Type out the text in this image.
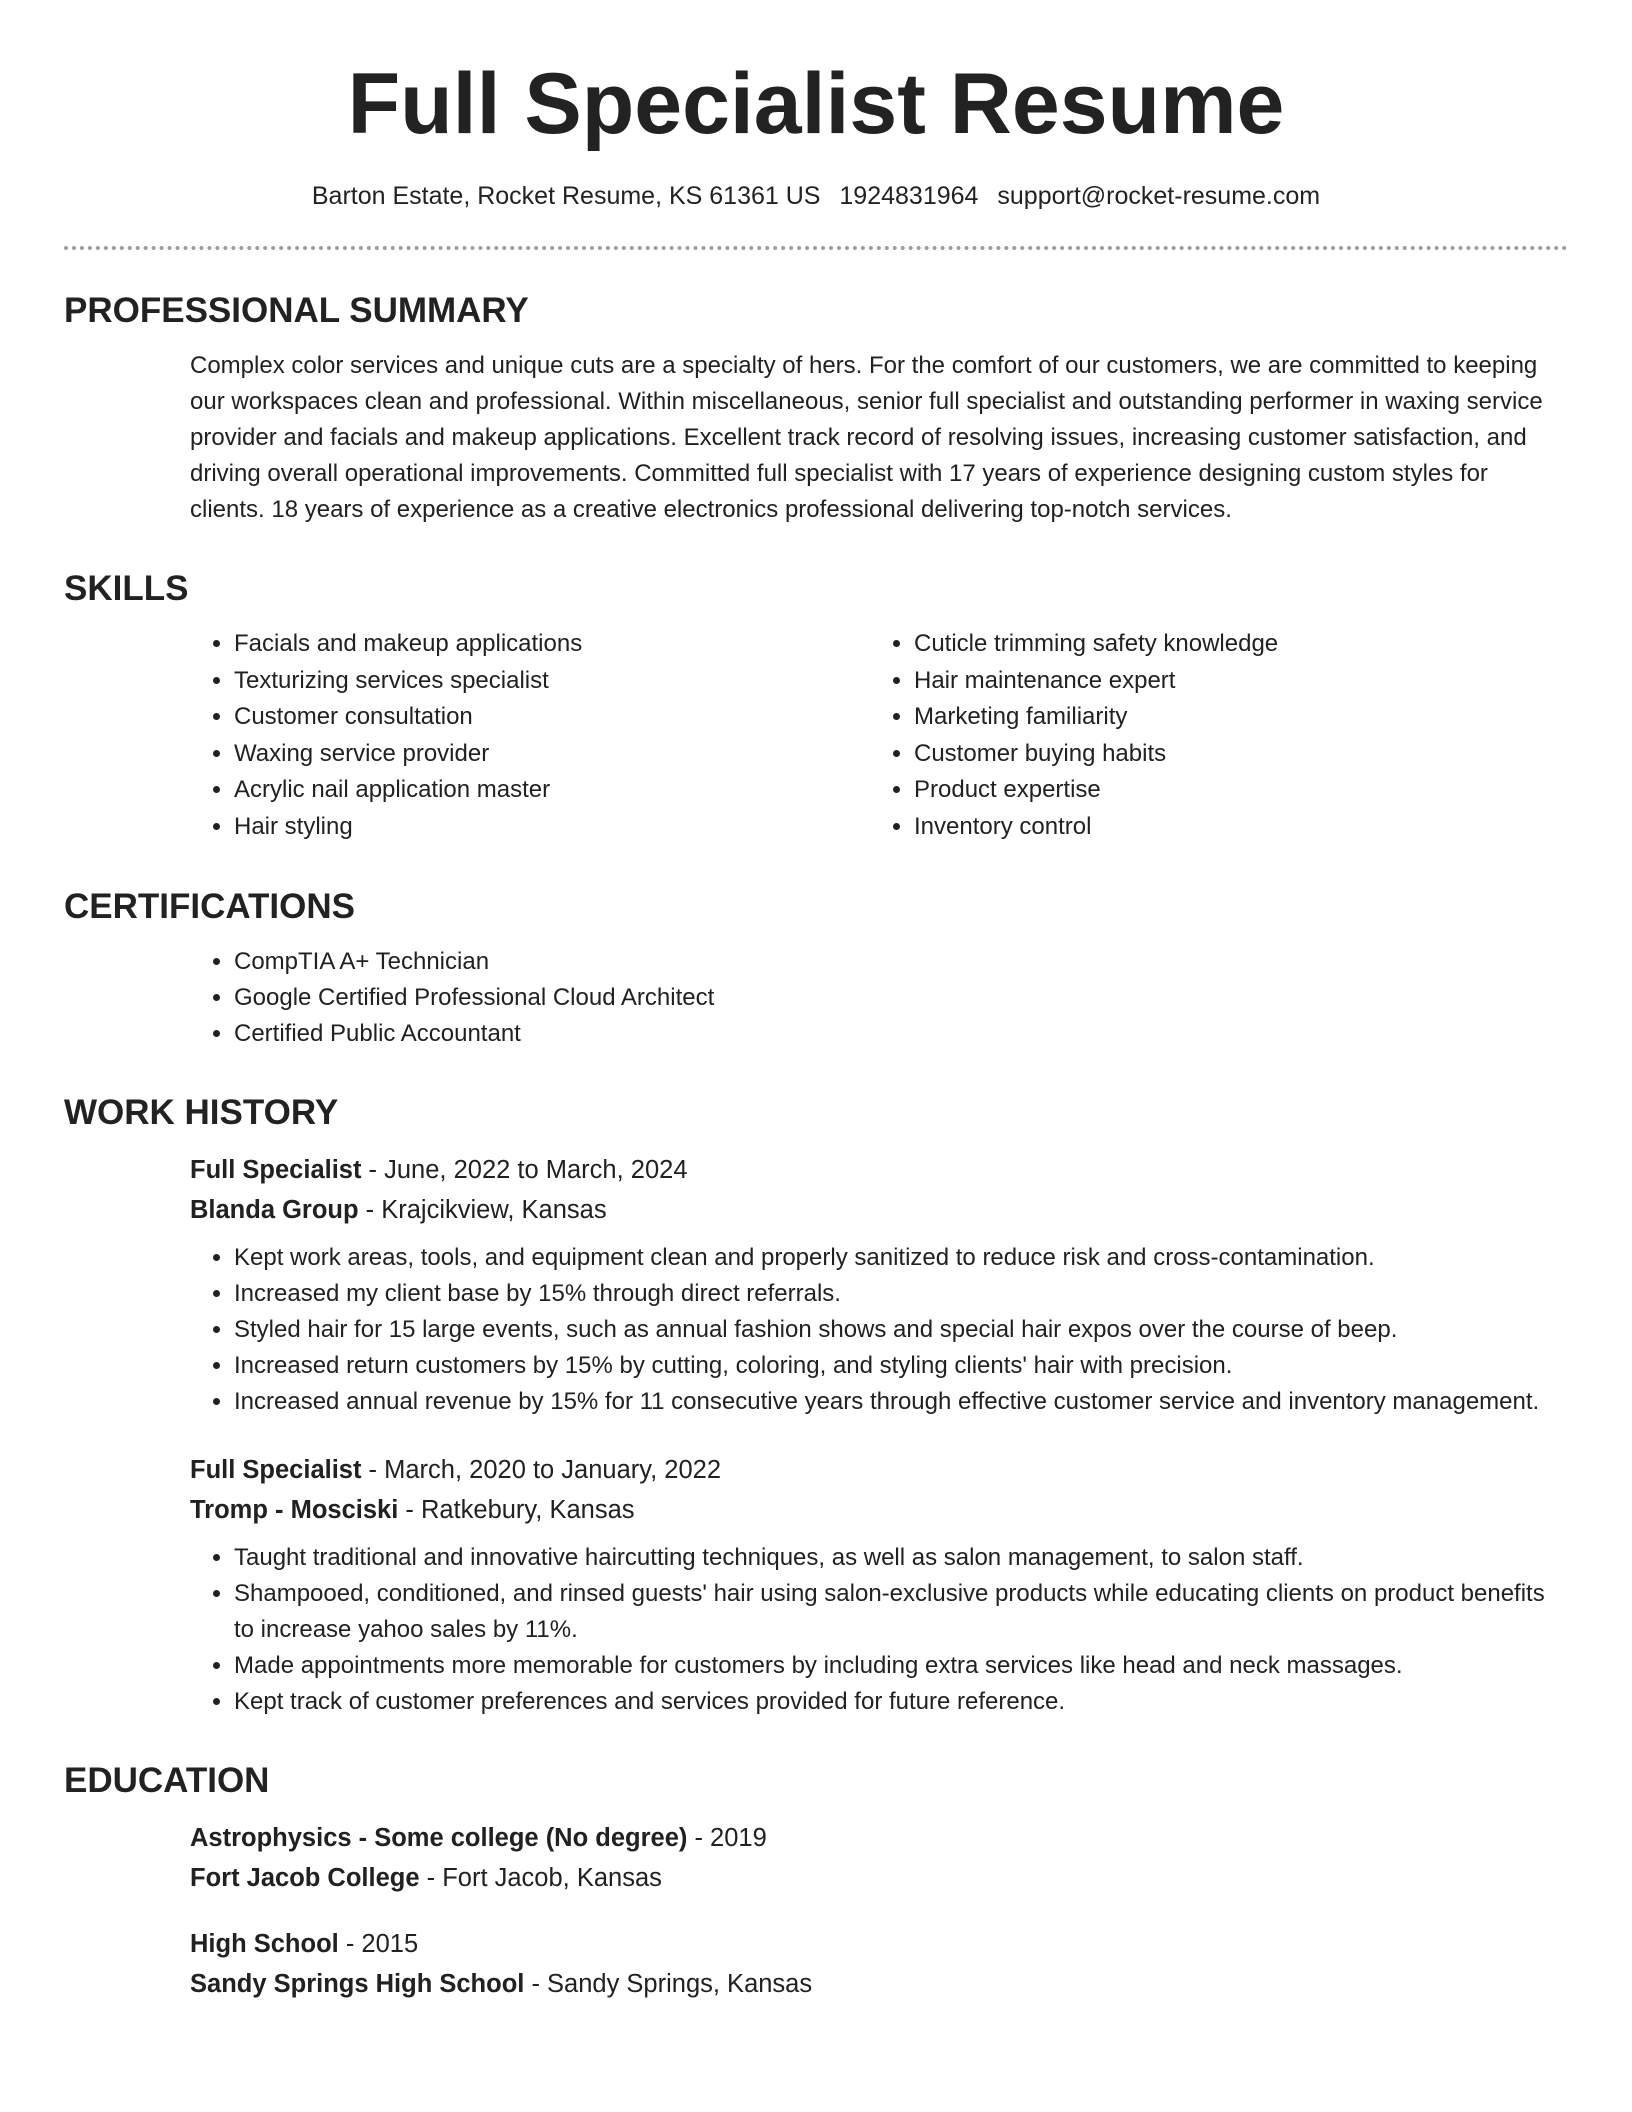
Full Specialist Resume
Barton Estate, Rocket Resume, KS 61361 US 1924831964 support@rocket-resume.com
PROFESSIONAL SUMMARY

Complex color services and unique cuts are a specialty of hers. For the comfort of our customers, we are committed to keeping our workspaces clean and professional. Within miscellaneous, senior full specialist and outstanding performer in waxing service provider and facials and makeup applications. Excellent track record of resolving issues, increasing customer satisfaction, and driving overall operational improvements. Committed full specialist with 17 years of experience designing custom styles for clients. 18 years of experience as a creative electronics professional delivering top-notch services.

SKILLS
• Facials and makeup applications
• Texturizing services specialist
• Customer consultation
• Waxing service provider
• Acrylic nail application master
• Hair styling
• Cuticle trimming safety knowledge
• Hair maintenance expert
• Marketing familiarity
• Customer buying habits
• Product expertise
• Inventory control
CERTIFICATIONS
• CompTIA A+ Technician
• Google Certified Professional Cloud Architect
• Certified Public Accountant
WORK HISTORY
Full Specialist - June, 2022 to March, 2024
Blanda Group - Krajcikview, Kansas
• Kept work areas, tools, and equipment clean and properly sanitized to reduce risk and cross-contamination.
• Increased my client base by 15% through direct referrals.
• Styled hair for 15 large events, such as annual fashion shows and special hair expos over the course of beep.
• Increased return customers by 15% by cutting, coloring, and styling clients' hair with precision.
• Increased annual revenue by 15% for 11 consecutive years through effective customer service and inventory management.
Full Specialist - March, 2020 to January, 2022
Tromp - Mosciski - Ratkebury, Kansas
• Taught traditional and innovative haircutting techniques, as well as salon management, to salon staff.
• Shampooed, conditioned, and rinsed guests' hair using salon-exclusive products while educating clients on product benefits to increase yahoo sales by 11%.
• Made appointments more memorable for customers by including extra services like head and neck massages.
• Kept track of customer preferences and services provided for future reference.
EDUCATION
Astrophysics - Some college (No degree) - 2019
Fort Jacob College - Fort Jacob, Kansas
High School - 2015
Sandy Springs High School - Sandy Springs, Kansas
